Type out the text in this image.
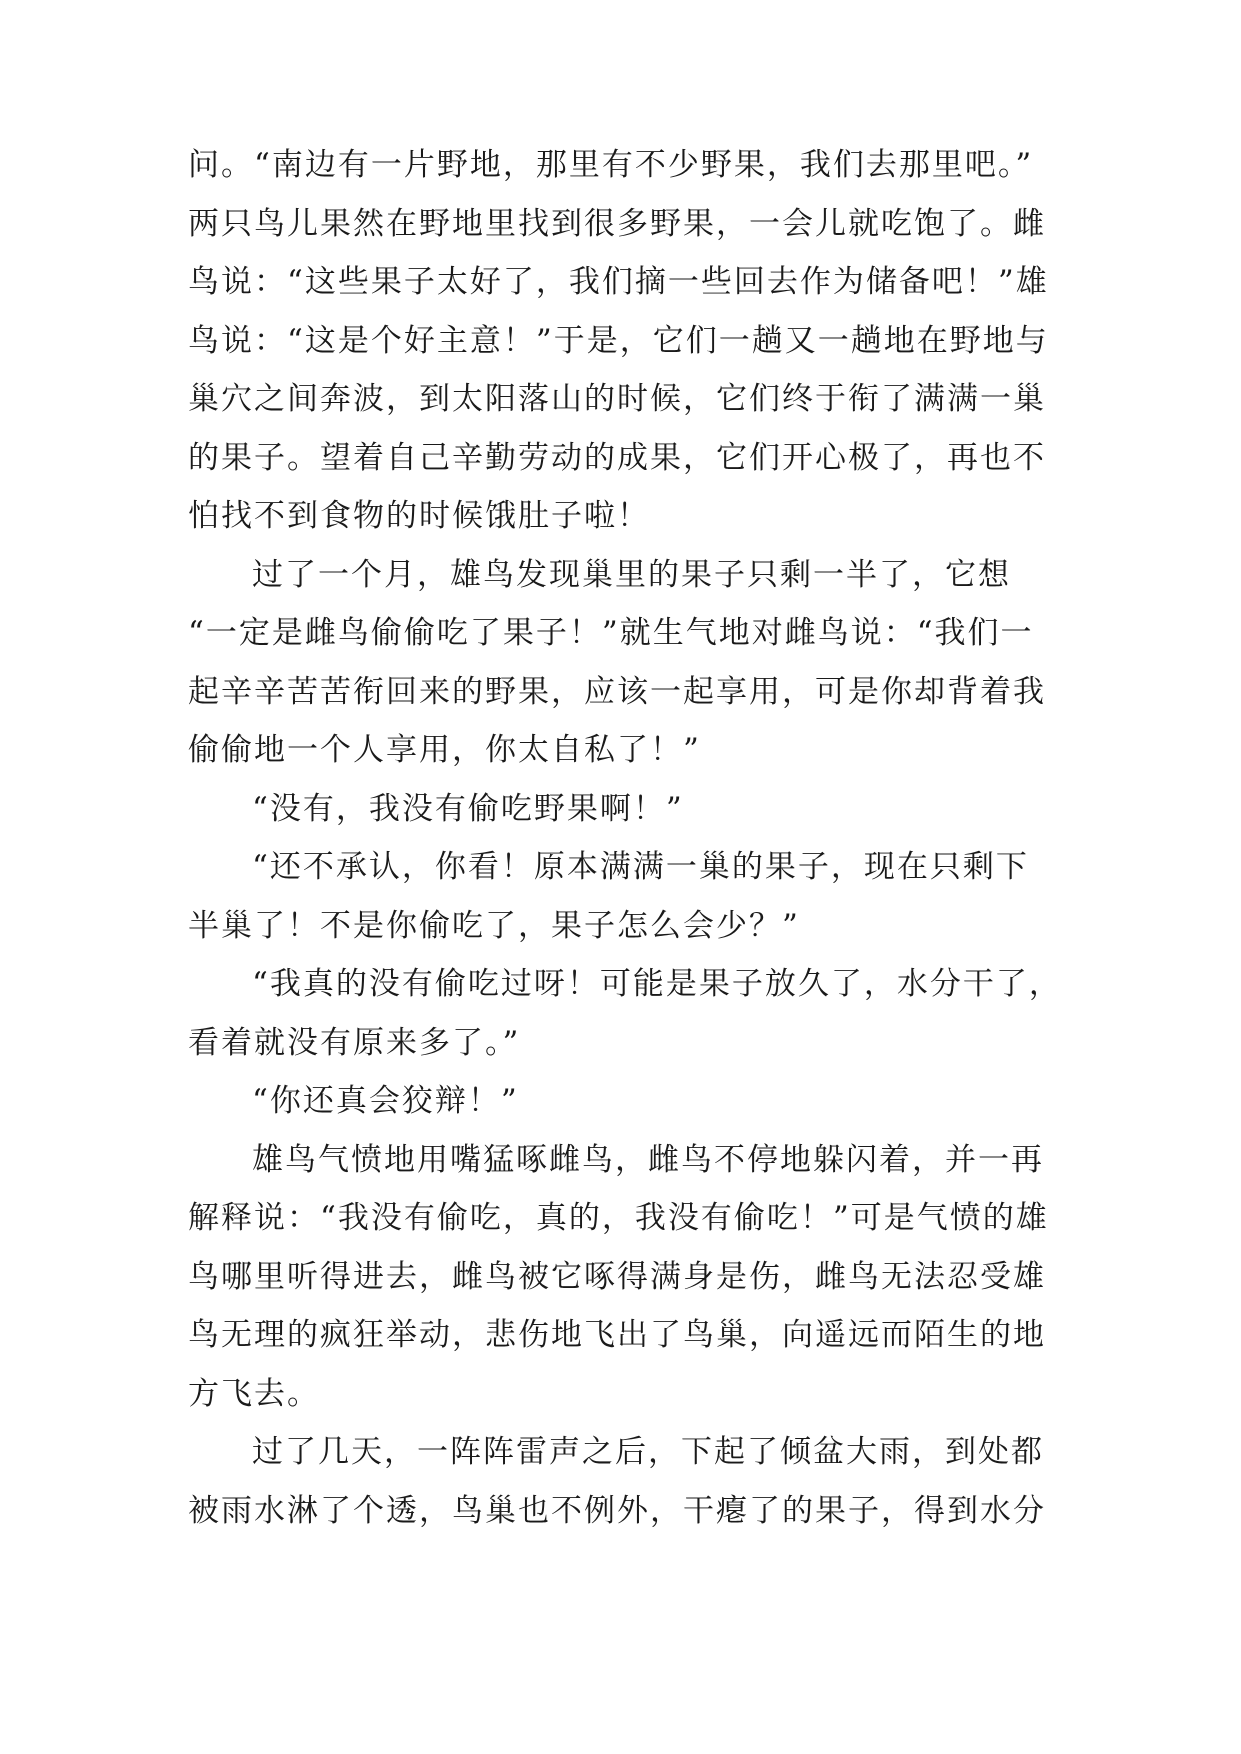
问。“南边有一片野地，那里有不少野果，我们去那里吧。”
两只鸟儿果然在野地里找到很多野果，一会儿就吃饱了。雌
鸟说：“这些果子太好了，我们摘一些回去作为储备吧！”雄
鸟说：“这是个好主意！”于是，它们一趟又一趟地在野地与
巢穴之间奔波，到太阳落山的时候，它们终于衔了满满一巢
的果子。望着自己辛勤劳动的成果，它们开心极了，再也不
怕找不到食物的时候饿肚子啦！
过了一个月，雄鸟发现巢里的果子只剩一半了，它想
“一定是雌鸟偷偷吃了果子！”就生气地对雌鸟说：“我们一
起辛辛苦苦衔回来的野果，应该一起享用，可是你却背着我
偷偷地一个人享用，你太自私了！”
“没有，我没有偷吃野果啊！”
“还不承认，你看！原本满满一巢的果子，现在只剩下
半巢了！不是你偷吃了，果子怎么会少？”
“我真的没有偷吃过呀！可能是果子放久了，水分干了，
看着就没有原来多了。”
“你还真会狡辩！”
雄鸟气愤地用嘴猛啄雌鸟，雌鸟不停地躲闪着，并一再
解释说：“我没有偷吃，真的，我没有偷吃！”可是气愤的雄
鸟哪里听得进去，雌鸟被它啄得满身是伤，雌鸟无法忍受雄
鸟无理的疯狂举动，悲伤地飞出了鸟巢，向遥远而陌生的地
方飞去。
过了几天，一阵阵雷声之后，下起了倾盆大雨，到处都
被雨水淋了个透，鸟巢也不例外，干瘪了的果子，得到水分
